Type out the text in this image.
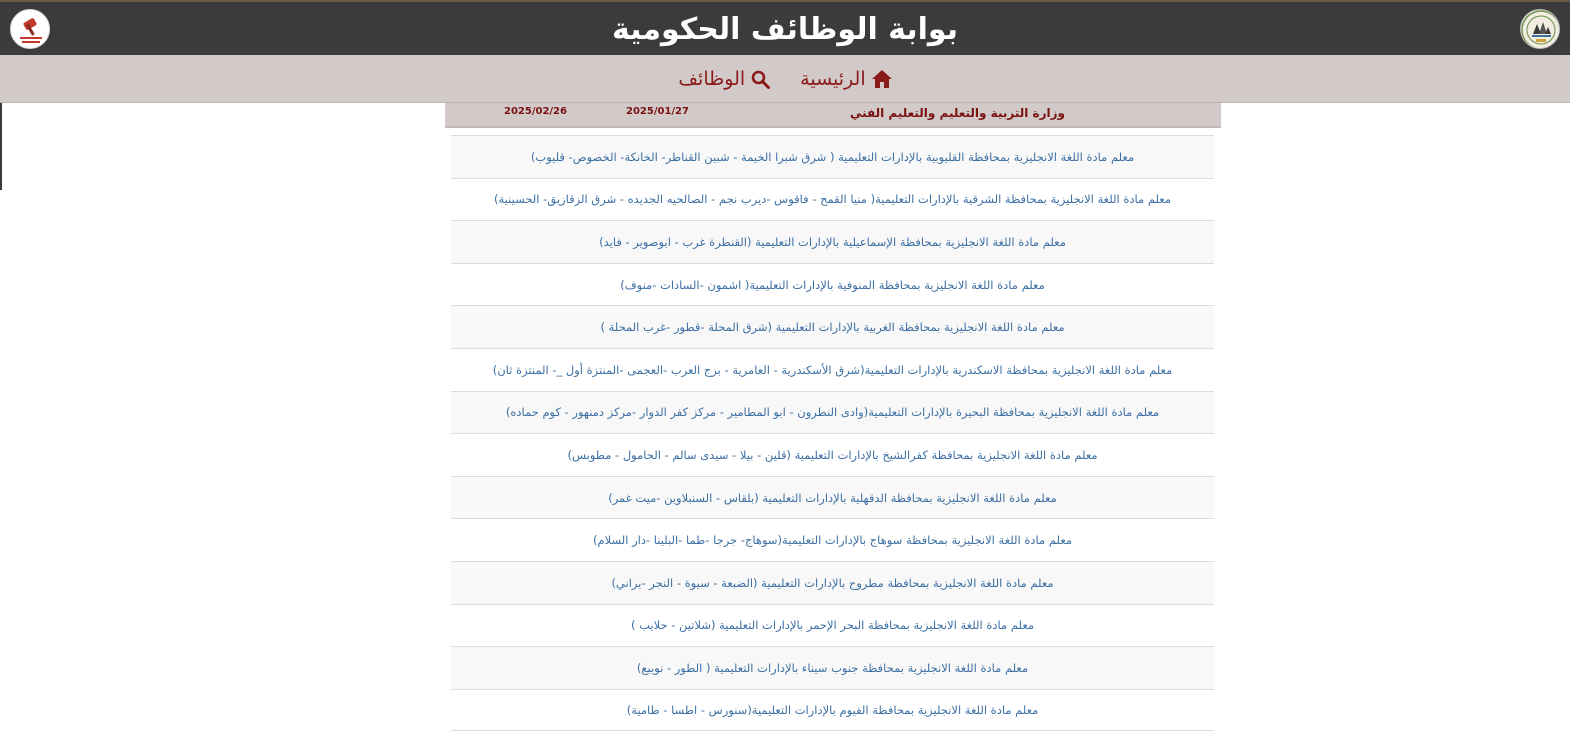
بوابة الوظائف الحكومية
الرئيسية
الوظائف
وزارة التربية والتعليم والتعليم الفني
2025/01/27
2025/02/26
معلم مادة اللغة الانجليزية بمحافظة القليوبية بالإدارات التعليمية ( شرق شبرا الخيمة - شبين القناطر- الخانكة- الخصوص- قليوب)
معلم مادة اللغة الانجليزية بمحافظة الشرقية بالإدارات التعليمية( منيا القمح - فاقوس -ديرب نجم - الصالحيه الجديده - شرق الزقازيق- الحسينية)
معلم مادة اللغة الانجليزية بمحافظة الإسماعيلية بالإدارات التعليمية (القنطرة غرب - ابوصوير - فايد)
معلم مادة اللغة الانجليزية بمحافظة المنوفية بالإدارات التعليمية( اشمون -السادات -منوف)
معلم مادة اللغة الانجليزية بمحافظة الغربية بالإدارات التعليمية (شرق المحلة -قطور -غرب المحلة )
معلم مادة اللغة الانجليزية بمحافظة الاسكندرية بالإدارات التعليمية(شرق الأسكندرية - العامرية - برج العرب -العجمى -المنتزة أول _- المنتزة ثان)
معلم مادة اللغة الانجليزية بمحافظة البحيرة بالإدارات التعليمية(وادى النطرون - ابو المطامير - مركز كفر الدوار -مركز دمنهور - كوم حماده)
معلم مادة اللغة الانجليزية بمحافظة كفرالشيخ بالإدارات التعليمية (قلين - بيلا - سيدى سالم - الحامول - مطوبس)
معلم مادة اللغة الانجليزية بمحافظة الدقهلية بالإدارات التعليمية (بلقاس - السنبلاوين -ميت غمر)
معلم مادة اللغة الانجليزية بمحافظة سوهاج بالإدارات التعليمية(سوهاج- جرجا -طما -البلينا -دار السلام)
معلم مادة اللغة الانجليزية بمحافظة مطروح بالإدارات التعليمية (الضبعة - سيوة - النجر -براني)
معلم مادة اللغة الانجليزية بمحافظة البحر الإحمر بالإدارات التعليمية (شلاتين - حلايب )
معلم مادة اللغة الانجليزية بمحافظة جنوب سيناء بالإدارات التعليمية ( الطور - نويبع)
معلم مادة اللغة الانجليزية بمحافظة الفيوم بالإدارات التعليمية(سنورس - اطسا - طامية)
